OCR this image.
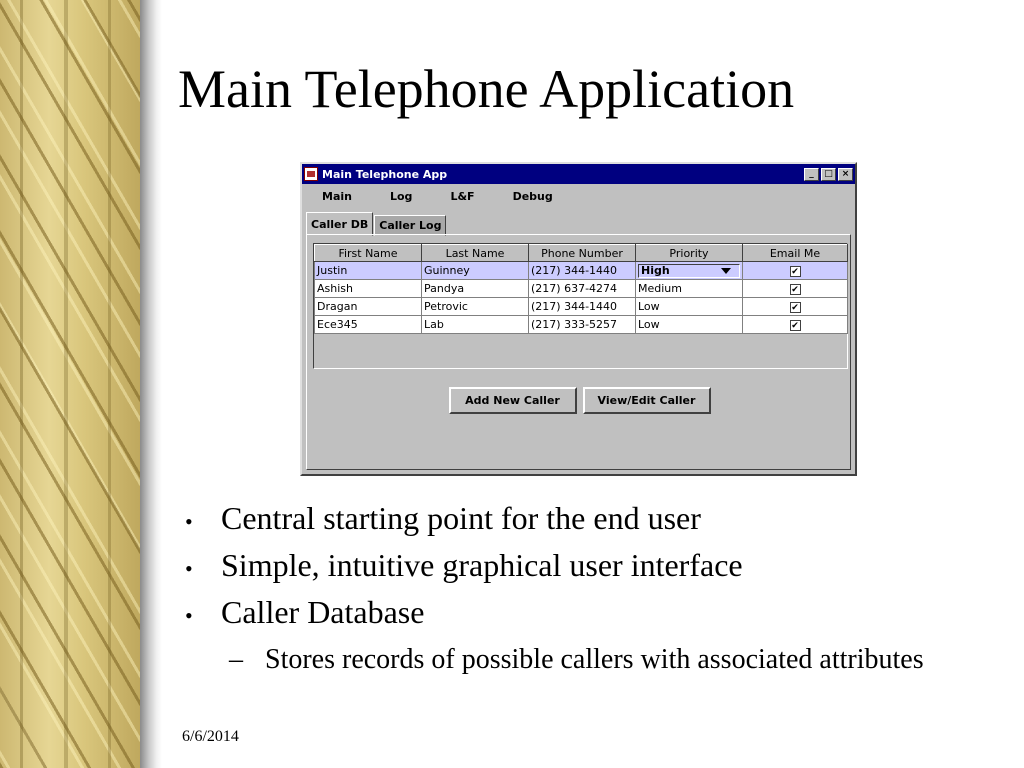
Main Telephone Application
Main Telephone App	_	□ ×
Main	Log	L&F	Debug
Caller DB	Caller Log
First Name	Last Name	Phone Number	Priority	Email Me
Justin	Guinney	(217) 344-1440	High	✔
Ashish	Pandya	(217) 637-4274	Medium	✔
Dragan	Petrovic	(217) 344-1440	Low	✔
Ece345	Lab	(217) 333-5257	Low	✔
Add New Caller	View/Edit Caller
• Central starting point for the end user
• Simple, intuitive graphical user interface
• Caller Database
– Stores records of possible callers with associated attributes
6/6/2014
